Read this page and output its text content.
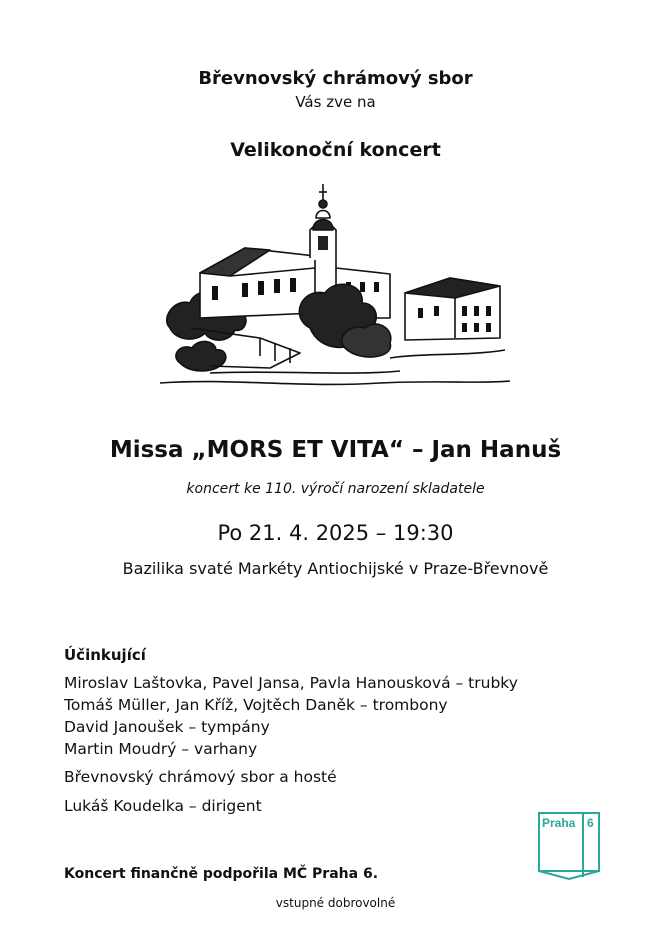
Břevnovský chrámový sbor
Vás zve na
Velikonoční koncert
Missa „MORS ET VITA“ – Jan Hanuš
koncert ke 110. výročí narození skladatele
Po 21. 4. 2025 – 19:30
Bazilika svaté Markéty Antiochijské v Praze-Břevnově
Účinkující
Miroslav Laštovka, Pavel Jansa, Pavla Hanousková – trubky
Tomáš Müller, Jan Kříž, Vojtěch Daněk – trombony
David Janoušek – tympány
Martin Moudrý – varhany
Břevnovský chrámový sbor a hosté
Lukáš Koudelka – dirigent
Praha 6
Koncert finančně podpořila MČ Praha 6.
vstupné dobrovolné
